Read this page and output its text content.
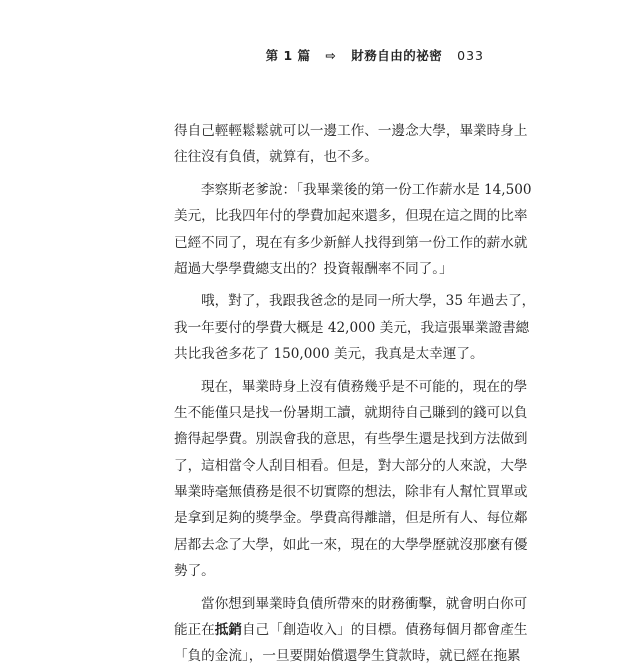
第 1 篇 ⇨ 財務自由的祕密 033
得自己輕輕鬆鬆就可以一邊工作、一邊念大學，畢業時身上
往往沒有負債，就算有，也不多。
李察斯老爹說：「我畢業後的第一份工作薪水是 14,500
美元，比我四年付的學費加起來還多，但現在這之間的比率
已經不同了，現在有多少新鮮人找得到第一份工作的薪水就
超過大學學費總支出的？投資報酬率不同了。」
哦，對了，我跟我爸念的是同一所大學，35 年過去了，
我一年要付的學費大概是 42,000 美元，我這張畢業證書總
共比我爸多花了 150,000 美元，我真是太幸運了。
現在，畢業時身上沒有債務幾乎是不可能的，現在的學
生不能僅只是找一份暑期工讀，就期待自己賺到的錢可以負
擔得起學費。別誤會我的意思，有些學生還是找到方法做到
了，這相當令人刮目相看。但是，對大部分的人來說，大學
畢業時毫無債務是很不切實際的想法，除非有人幫忙買單或
是拿到足夠的獎學金。學費高得離譜，但是所有人、每位鄰
居都去念了大學，如此一來，現在的大學學歷就沒那麼有優
勢了。
當你想到畢業時負債所帶來的財務衝擊，就會明白你可
能正在抵銷自己「創造收入」的目標。債務每個月都會產生
「負的金流」，一旦要開始償還學生貸款時，就已經在拖累
